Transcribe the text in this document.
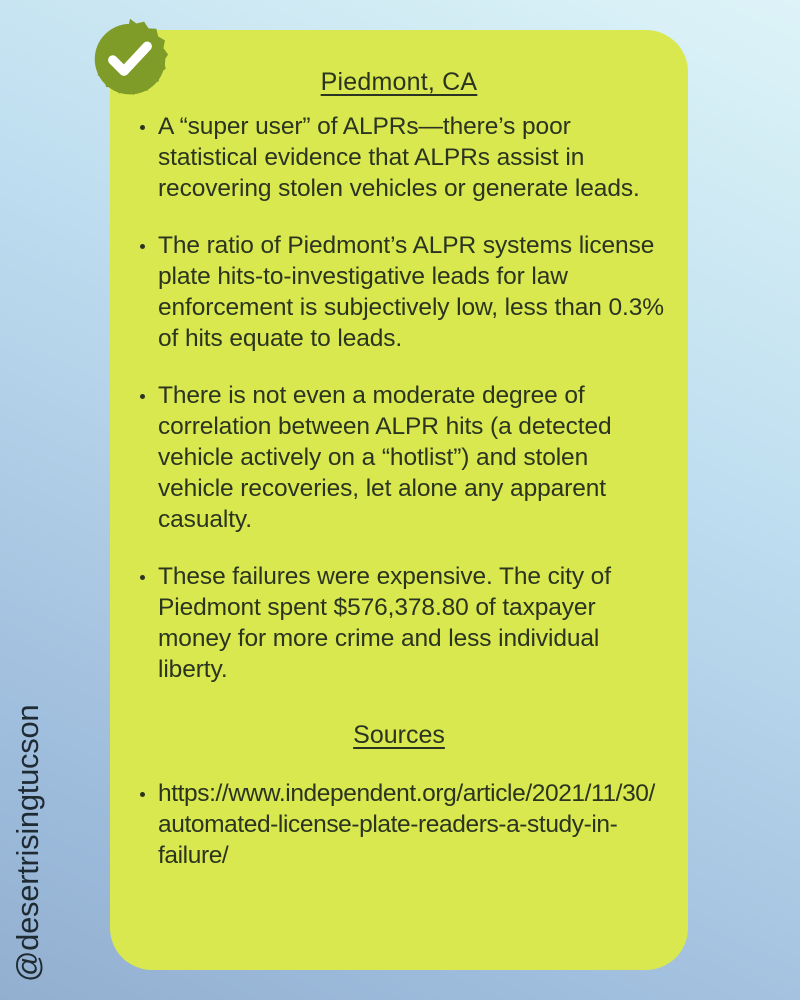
@desertrisingtucson
Piedmont, CA
A “super user” of ALPRs—there’s poor statistical evidence that ALPRs assist in recovering stolen vehicles or generate leads.
The ratio of Piedmont’s ALPR systems license plate hits-to-investigative leads for law enforcement is subjectively low, less than 0.3% of hits equate to leads.
There is not even a moderate degree of correlation between ALPR hits (a detected vehicle actively on a “hotlist”) and stolen vehicle recoveries, let alone any apparent casualty.
These failures were expensive. The city of Piedmont spent $576,378.80 of taxpayer money for more crime and less individual liberty.
Sources
https://www.independent.org/article/2021/11/30/automated-license-plate-readers-a-study-in-failure/
